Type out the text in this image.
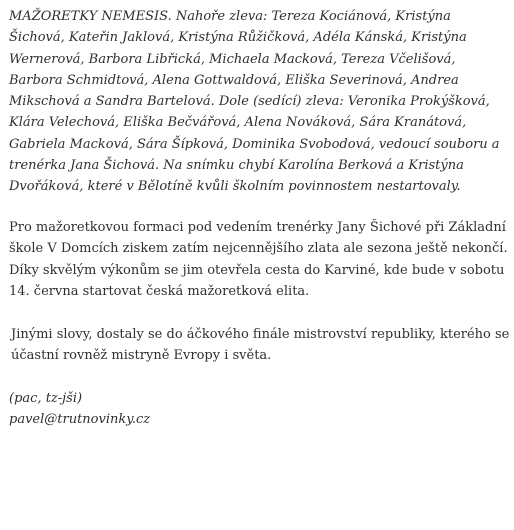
MAŽORETKY NEMESIS. Nahoře zleva: Tereza Kociánová, Kristýna Šichová, Kateřin Jaklová, Kristýna Růžičková, Adéla Kánská, Kristýna Wernerová, Barbora Libřická, Michaela Macková, Tereza Včelišová, Barbora Schmidtová, Alena Gottwaldová, Eliška Severinová, Andrea Mikschová a Sandra Bartelová. Dole (sedící) zleva: Veronika Prokýšková, Klára Velechová, Eliška Bečvářová, Alena Nováková, Sára Kranátová, Gabriela Macková, Sára Šípková, Dominika Svobodová, vedoucí souboru a trenérka Jana Šichová. Na snímku chybí Karolína Berková a Kristýna Dvořáková, které v Bělotíně kvůli školním povinnostem nestartovaly.

Pro mažoretkovou formaci pod vedením trenérky Jany Šichové při Základní škole V Domcích ziskem zatím nejcennějšího zlata ale sezona ještě nekončí. Díky skvělým výkonům se jim otevřela cesta do Karviné, kde bude v sobotu 14. června startovat česká mažoretková elita.

Jinými slovy, dostaly se do áčkového finále mistrovství republiky, kterého se účastní rovněž mistryně Evropy i světa.

(pac, tz-jši)

pavel@trutnovinky.cz
